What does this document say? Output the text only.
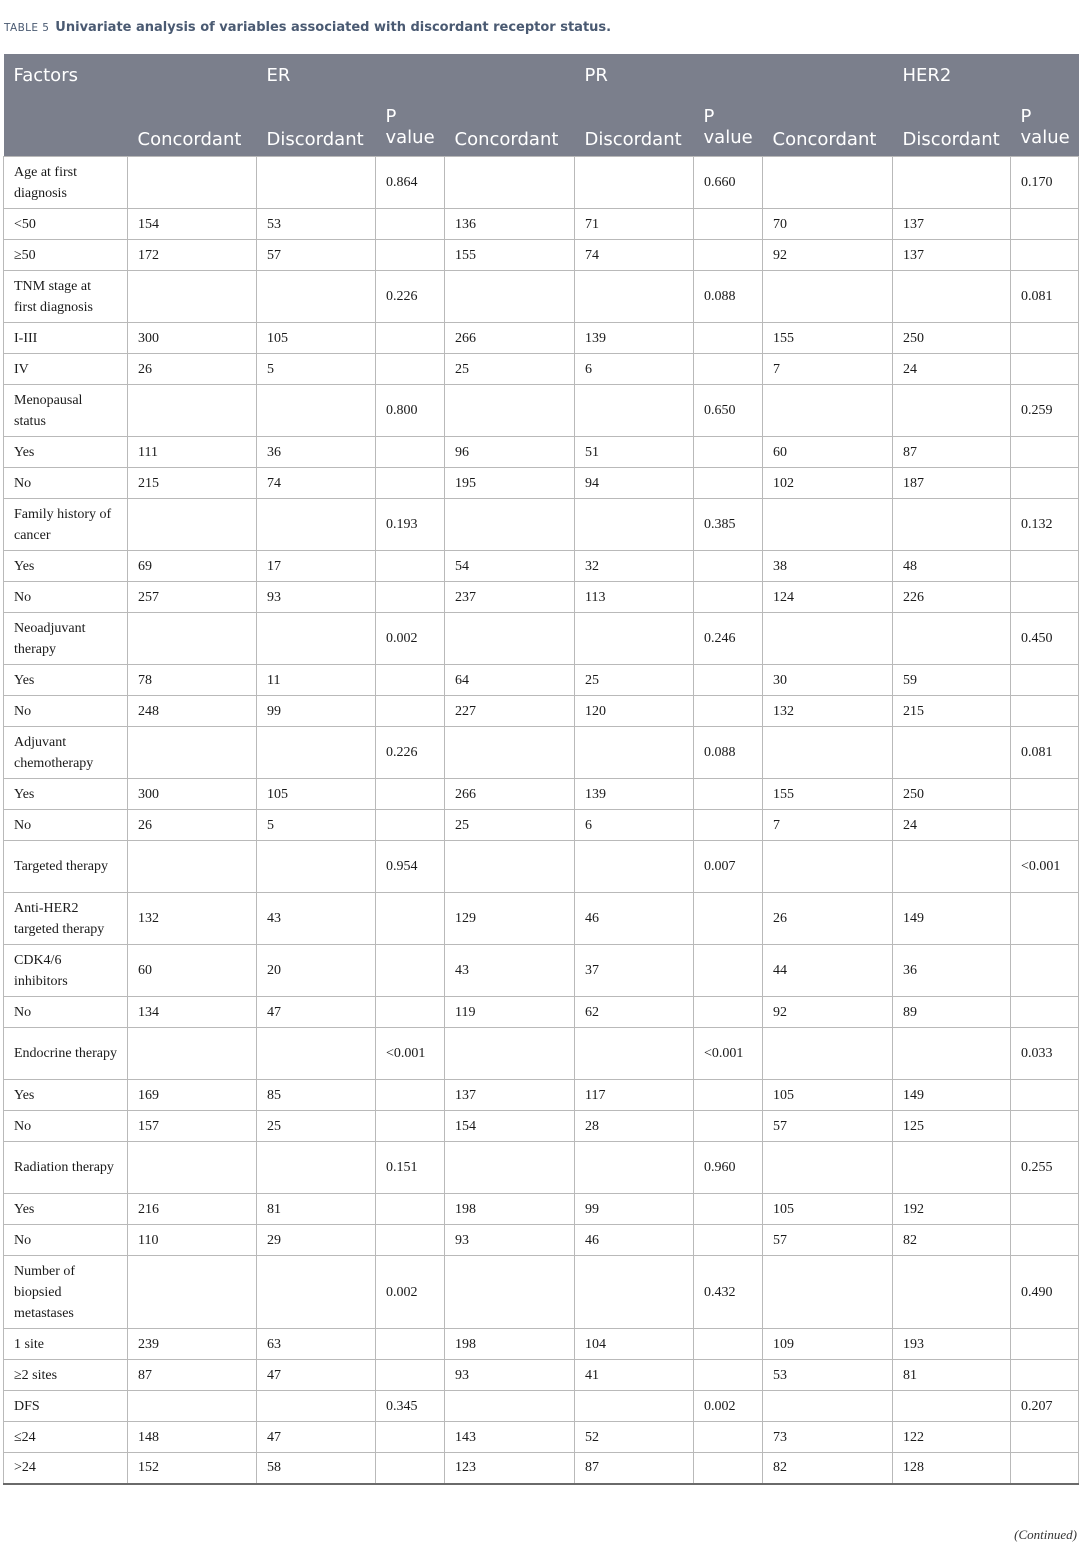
TABLE 5 Univariate analysis of variables associated with discordant receptor status.
Factors		ER			PR			HER2	
	Concordant	Discordant	P value	Concordant	Discordant	P value	Concordant	Discordant	P value
Age at first diagnosis			0.864			0.660			0.170
<50	154	53		136	71		70	137	
≥50	172	57		155	74		92	137	
TNM stage at first diagnosis			0.226			0.088			0.081
I-III	300	105		266	139		155	250	
IV	26	5		25	6		7	24	
Menopausal status			0.800			0.650			0.259
Yes	111	36		96	51		60	87	
No	215	74		195	94		102	187	
Family history of cancer			0.193			0.385			0.132
Yes	69	17		54	32		38	48	
No	257	93		237	113		124	226	
Neoadjuvant therapy			0.002			0.246			0.450
Yes	78	11		64	25		30	59	
No	248	99		227	120		132	215	
Adjuvant chemotherapy			0.226			0.088			0.081
Yes	300	105		266	139		155	250	
No	26	5		25	6		7	24	
Targeted therapy			0.954			0.007			<0.001
Anti-HER2 targeted therapy	132	43		129	46		26	149	
CDK4/6 inhibitors	60	20		43	37		44	36	
No	134	47		119	62		92	89	
Endocrine therapy			<0.001			<0.001			0.033
Yes	169	85		137	117		105	149	
No	157	25		154	28		57	125	
Radiation therapy			0.151			0.960			0.255
Yes	216	81		198	99		105	192	
No	110	29		93	46		57	82	
Number of biopsied metastases			0.002			0.432			0.490
1 site	239	63		198	104		109	193	
≥2 sites	87	47		93	41		53	81	
DFS			0.345			0.002			0.207
≤24	148	47		143	52		73	122	
>24	152	58		123	87		82	128	
(Continued)
